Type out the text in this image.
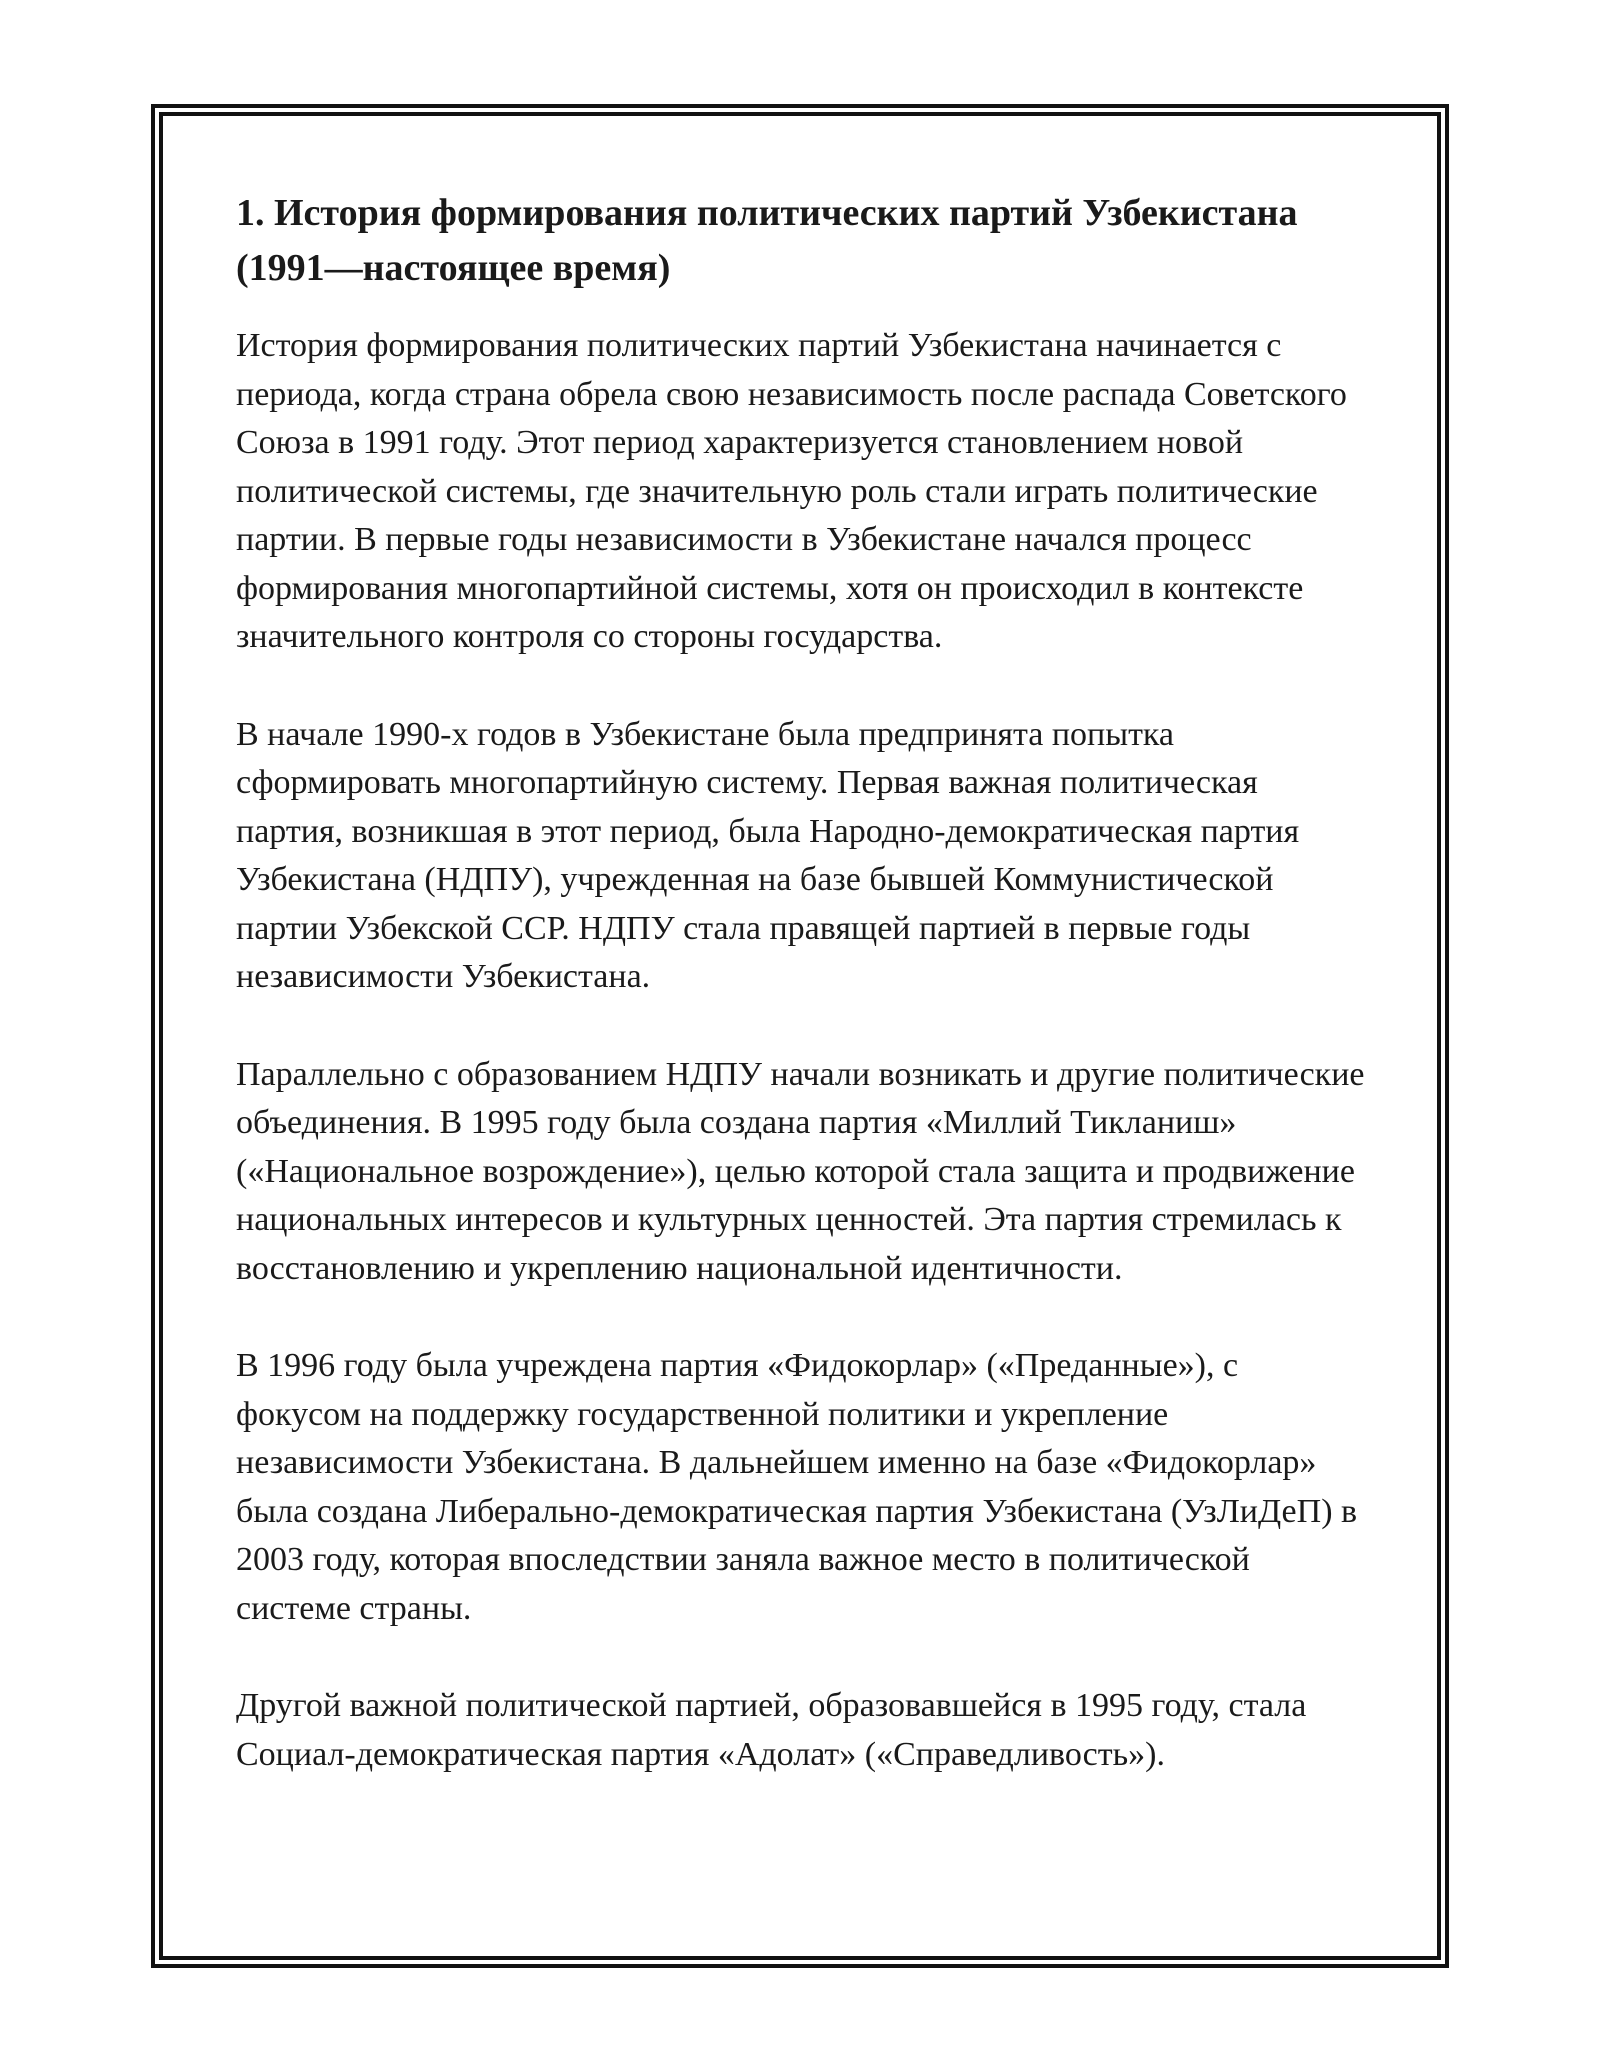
1. История формирования политических партий Узбекистана (1991—настоящее время)

История формирования политических партий Узбекистана начинается с периода, когда страна обрела свою независимость после распада Советского Союза в 1991 году. Этот период характеризуется становлением новой политической системы, где значительную роль стали играть политические партии. В первые годы независимости в Узбекистане начался процесс формирования многопартийной системы, хотя он происходил в контексте значительного контроля со стороны государства.

В начале 1990-х годов в Узбекистане была предпринята попытка сформировать многопартийную систему. Первая важная политическая партия, возникшая в этот период, была Народно-демократическая партия Узбекистана (НДПУ), учрежденная на базе бывшей Коммунистической партии Узбекской ССР. НДПУ стала правящей партией в первые годы независимости Узбекистана.

Параллельно с образованием НДПУ начали возникать и другие политические объединения. В 1995 году была создана партия «Миллий Тикланиш» («Национальное возрождение»), целью которой стала защита и продвижение национальных интересов и культурных ценностей. Эта партия стремилась к восстановлению и укреплению национальной идентичности.

В 1996 году была учреждена партия «Фидокорлар» («Преданные»), с фокусом на поддержку государственной политики и укрепление независимости Узбекистана. В дальнейшем именно на базе «Фидокорлар» была создана Либерально-демократическая партия Узбекистана (УзЛиДеП) в 2003 году, которая впоследствии заняла важное место в политической системе страны.

Другой важной политической партией, образовавшейся в 1995 году, стала Социал-демократическая партия «Адолат» («Справедливость»).
